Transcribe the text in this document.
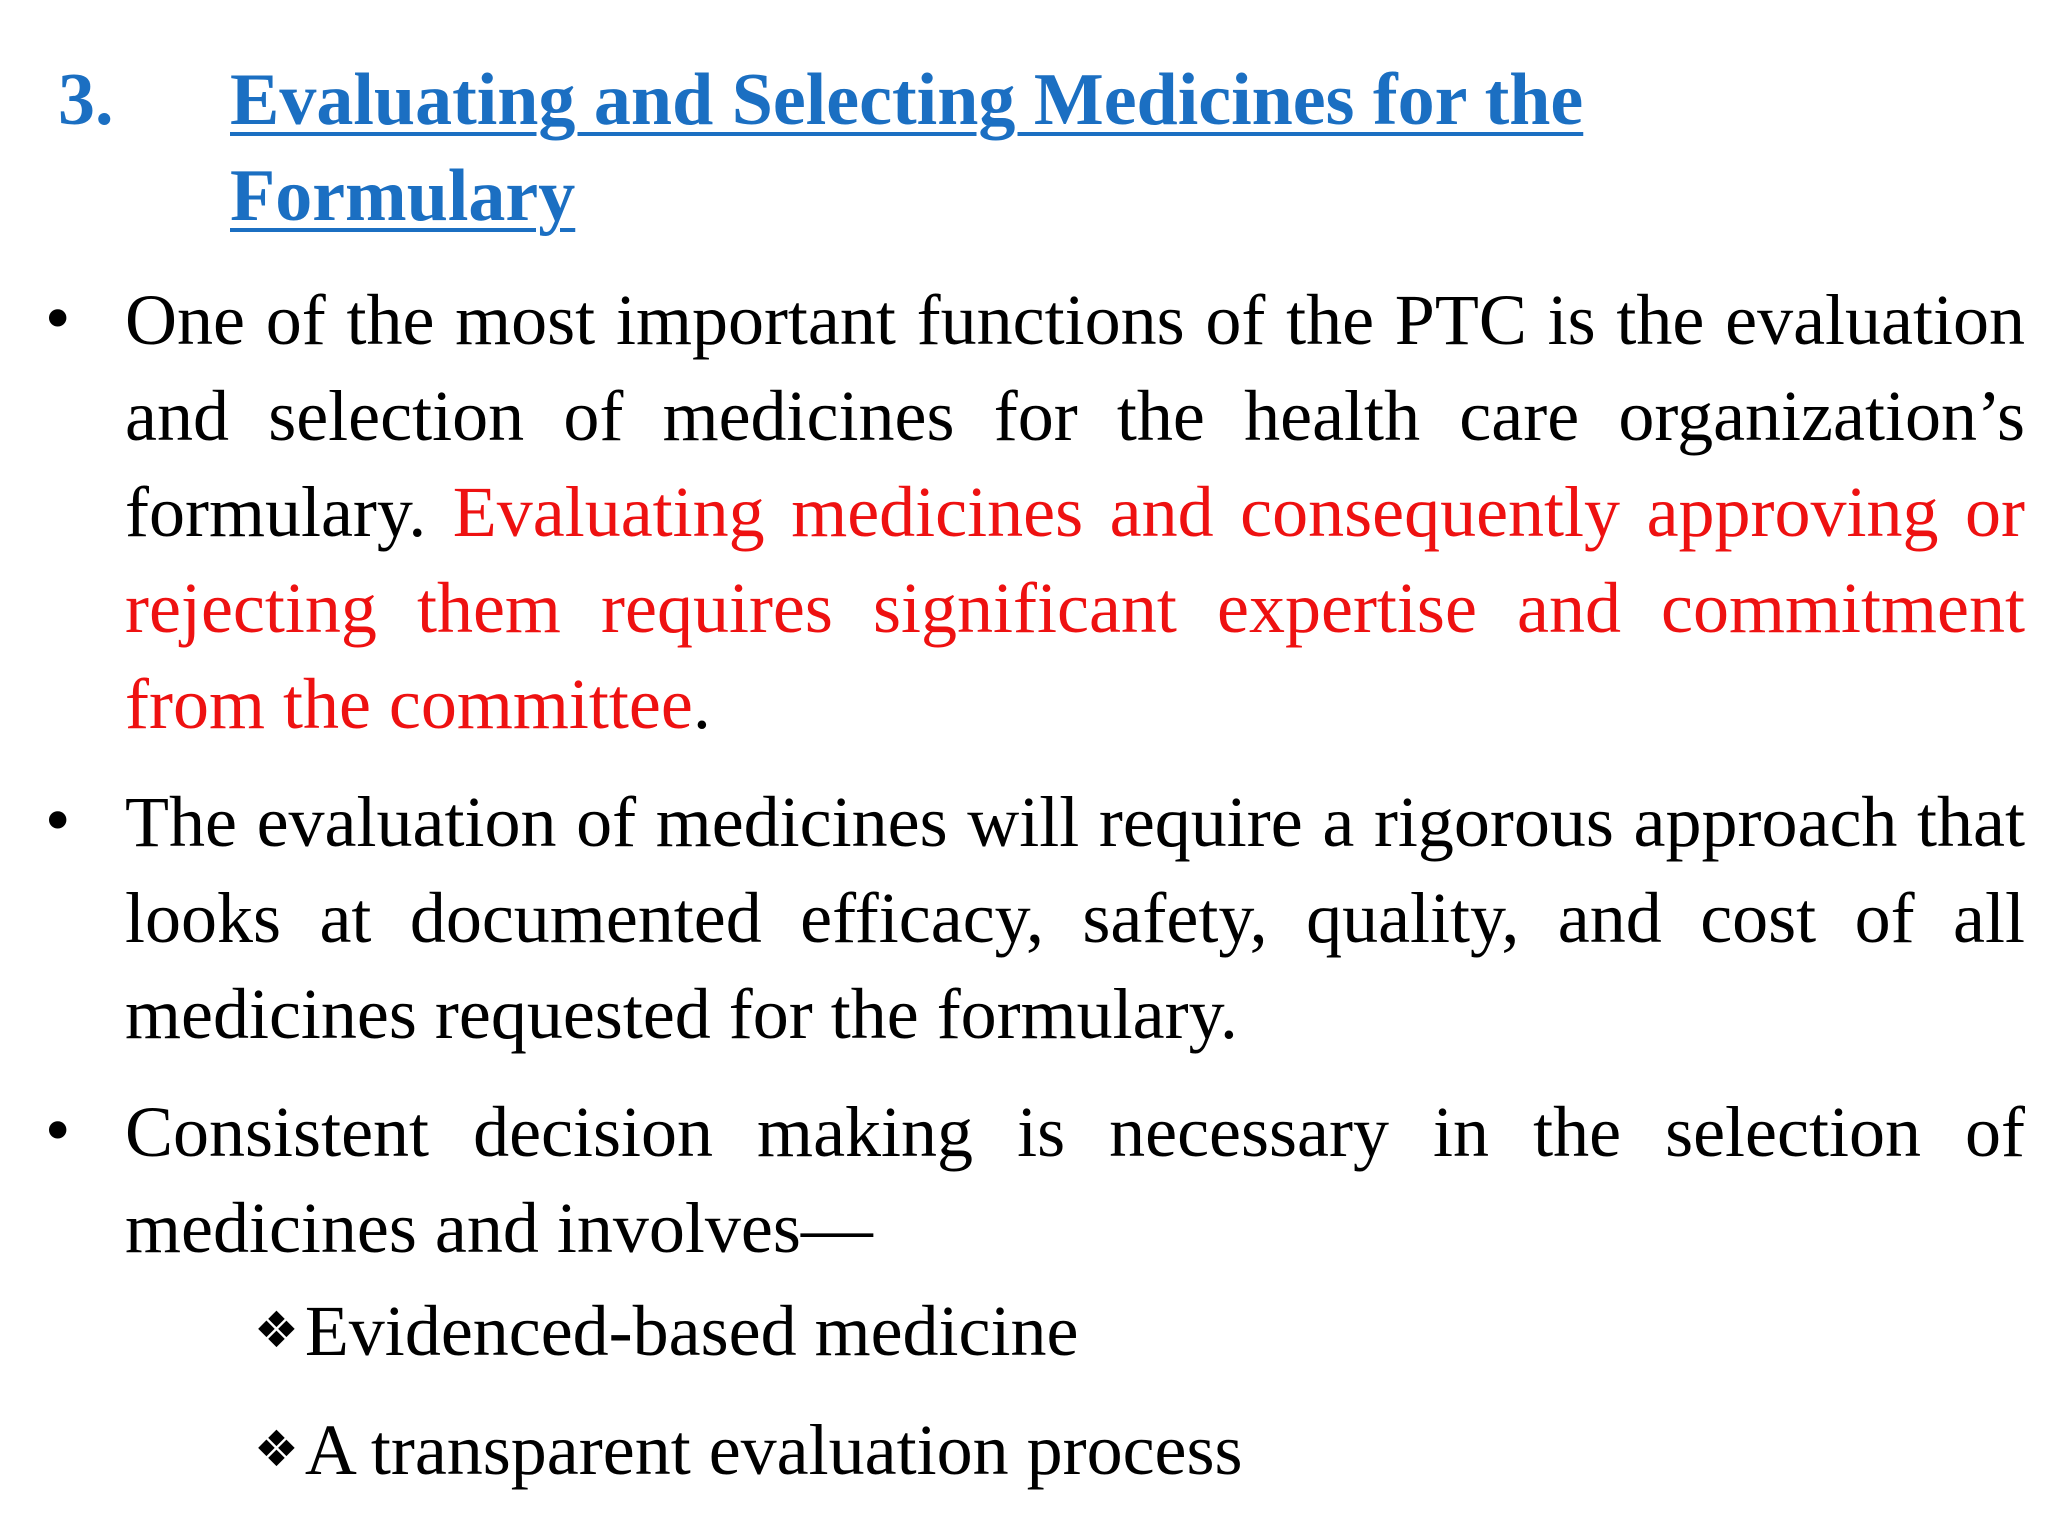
3. Evaluating and Selecting Medicines for the Formulary
• One of the most important functions of the PTC is the evaluation and selection of medicines for the health care organization’s formulary. Evaluating medicines and consequently approving or rejecting them requires significant expertise and commitment from the committee.
• The evaluation of medicines will require a rigorous approach that looks at documented efficacy, safety, quality, and cost of all medicines requested for the formulary.
• Consistent decision making is necessary in the selection of medicines and involves—
❖Evidenced-based medicine
❖A transparent evaluation process
